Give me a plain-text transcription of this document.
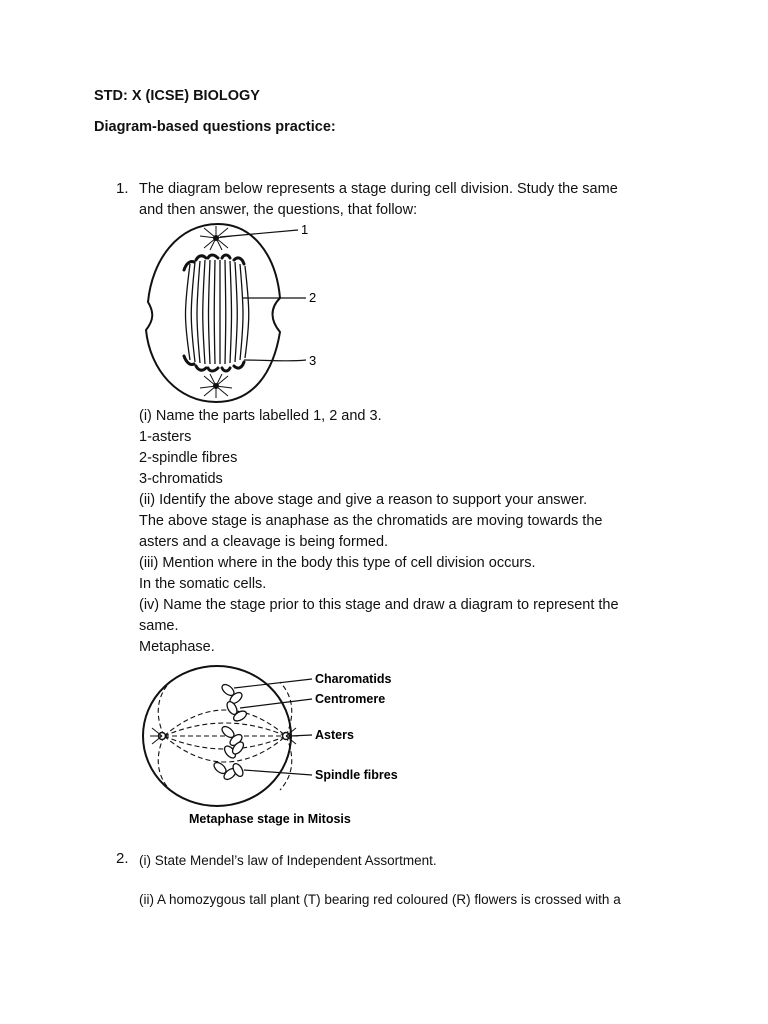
STD: X (ICSE) BIOLOGY
Diagram-based questions practice:
1. The diagram below represents a stage during cell division. Study the same
and then answer, the questions, that follow:
1
2
3
(i) Name the parts labelled 1, 2 and 3.
1-asters
2-spindle fibres
3-chromatids
(ii) Identify the above stage and give a reason to support your answer.
The above stage is anaphase as the chromatids are moving towards the
asters and a cleavage is being formed.
(iii) Mention where in the body this type of cell division occurs.
In the somatic cells.
(iv) Name the stage prior to this stage and draw a diagram to represent the
same.
Metaphase.
Charomatids
Centromere
Asters
Spindle fibres
Metaphase stage in Mitosis
2. (i) State Mendel’s law of Independent Assortment.
(ii) A homozygous tall plant (T) bearing red coloured (R) flowers is crossed with a
